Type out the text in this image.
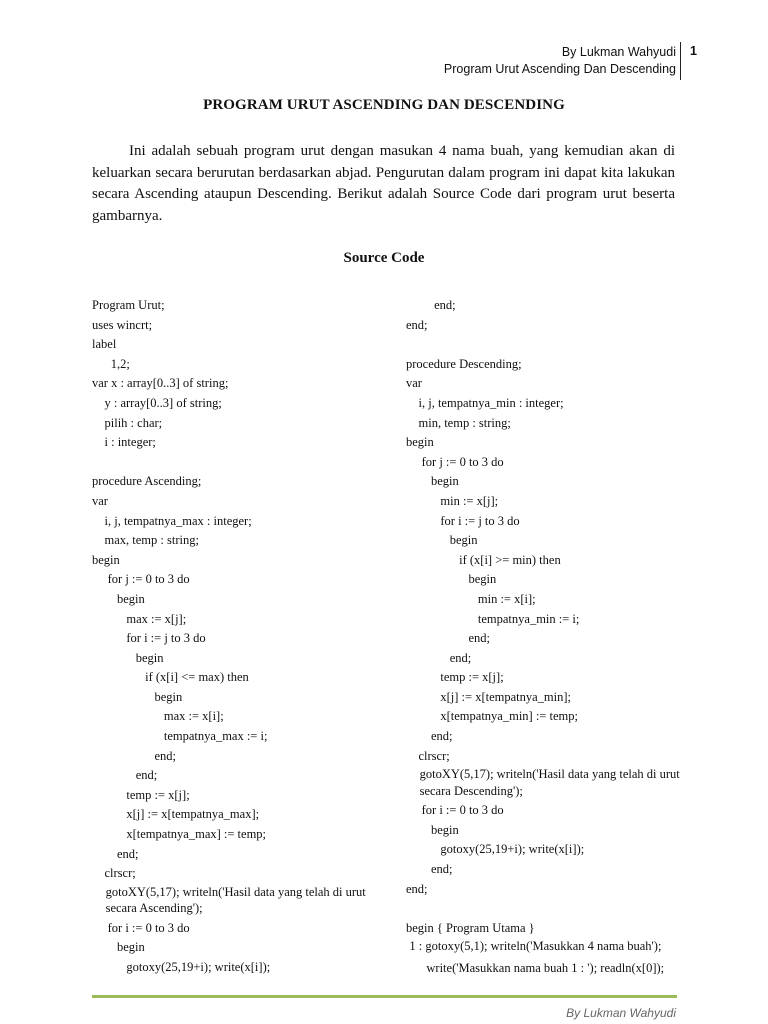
By Lukman Wahyudi
Program Urut Ascending Dan Descending
1
PROGRAM URUT ASCENDING DAN DESCENDING
Ini adalah sebuah program urut dengan masukan 4 nama buah, yang kemudian akan di keluarkan secara berurutan berdasarkan abjad. Pengurutan dalam program ini dapat kita lakukan secara Ascending ataupun Descending. Berikut adalah Source Code dari program urut beserta gambarnya.
Source Code
Program Urut;
uses wincrt;
label
1,2;
var x : array[0..3] of string;
y : array[0..3] of string;
pilih : char;
i : integer;
procedure Ascending;
var
i, j, tempatnya_max : integer;
max, temp : string;
begin
for j := 0 to 3 do
begin
max := x[j];
for i := j to 3 do
begin
if (x[i] <= max) then
begin
max := x[i];
tempatnya_max := i;
end;
end;
temp := x[j];
x[j] := x[tempatnya_max];
x[tempatnya_max] := temp;
end;
clrscr;
gotoXY(5,17); writeln('Hasil data yang telah di urut secara Ascending');
for i := 0 to 3 do
begin
gotoxy(25,19+i); write(x[i]);
end;
end;
procedure Descending;
var
i, j, tempatnya_min : integer;
min, temp : string;
begin
for j := 0 to 3 do
begin
min := x[j];
for i := j to 3 do
begin
if (x[i] >= min) then
begin
min := x[i];
tempatnya_min := i;
end;
end;
temp := x[j];
x[j] := x[tempatnya_min];
x[tempatnya_min] := temp;
end;
clrscr;
gotoXY(5,17); writeln('Hasil data yang telah di urut secara Descending');
for i := 0 to 3 do
begin
gotoxy(25,19+i); write(x[i]);
end;
end;
begin { Program Utama }
1 : gotoxy(5,1); writeln('Masukkan 4 nama buah');
write('Masukkan nama buah 1 : '); readln(x[0]);
By Lukman Wahyudi
